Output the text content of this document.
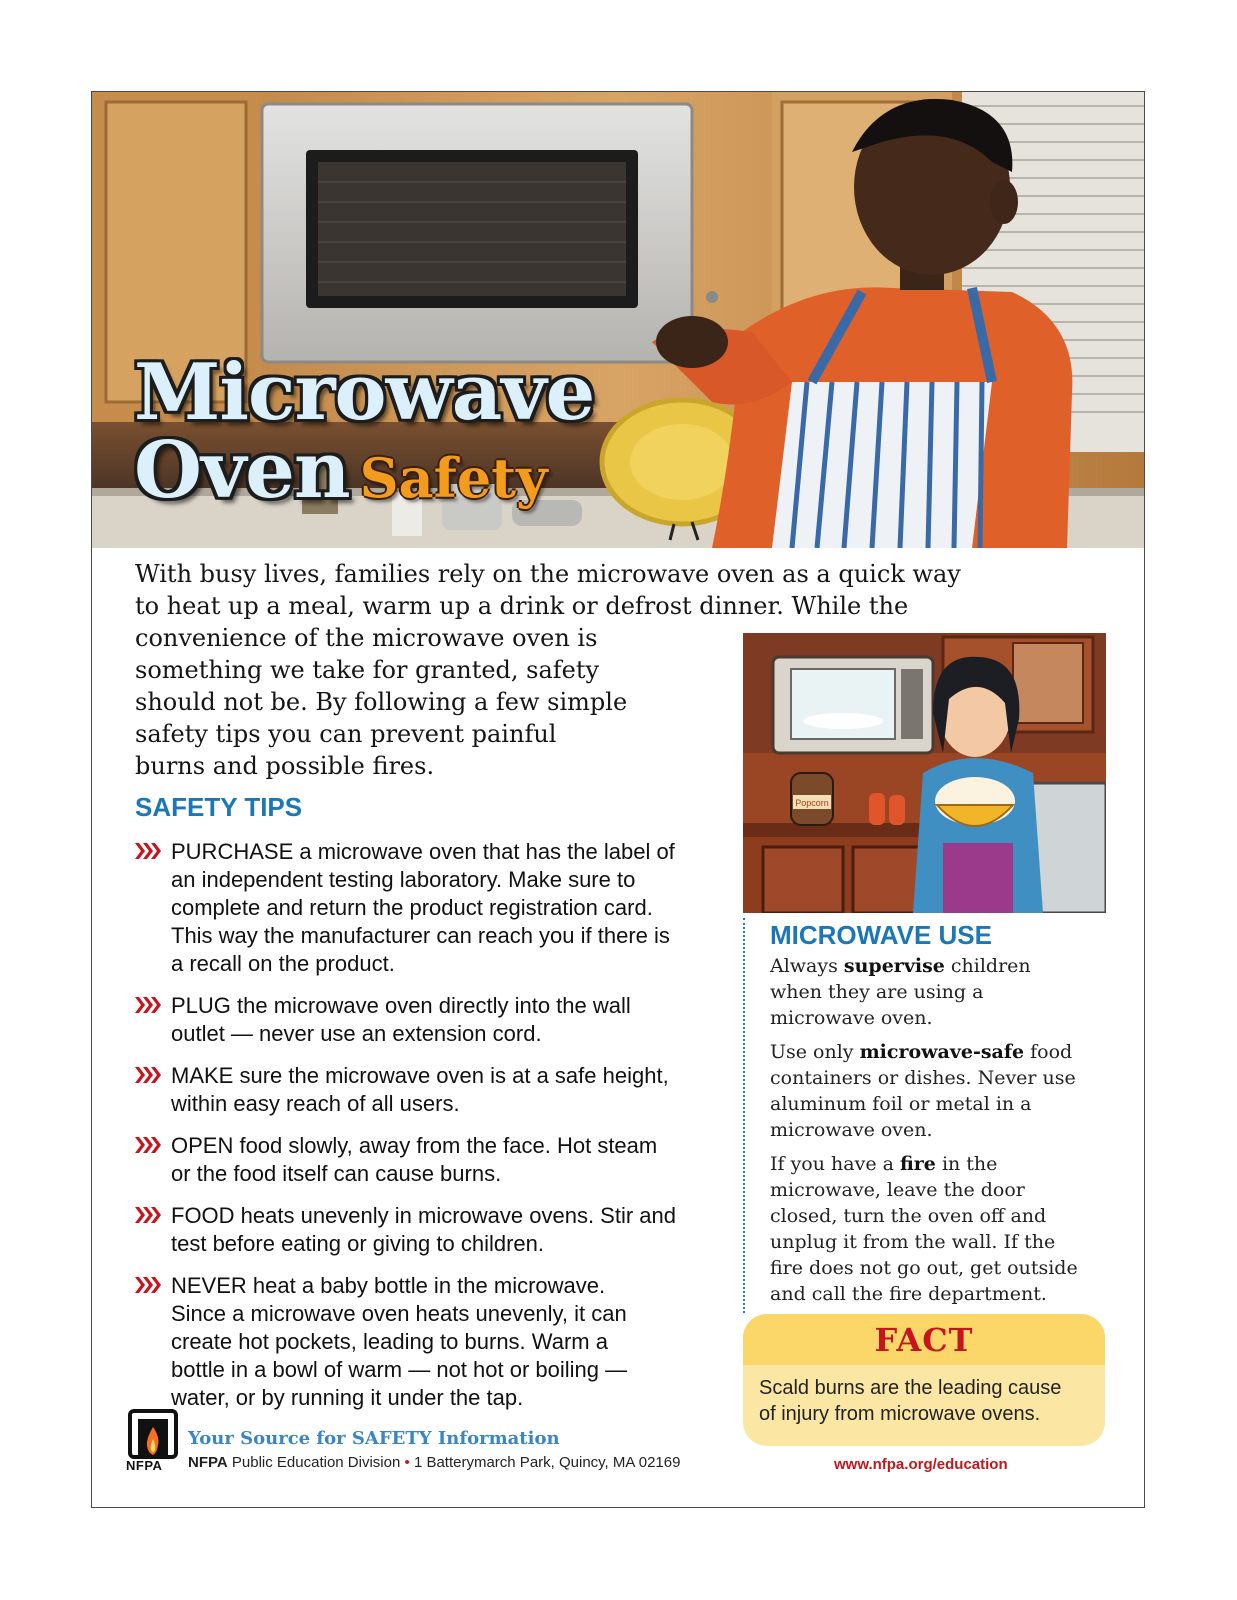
Microwave
Oven Safety
With busy lives, families rely on the microwave oven as a quick way
to heat up a meal, warm up a drink or defrost dinner. While the
convenience of the microwave oven is
something we take for granted, safety
should not be. By following a few simple
safety tips you can prevent painful
burns and possible fires.
SAFETY TIPS
PURCHASE a microwave oven that has the label of
an independent testing laboratory. Make sure to
complete and return the product registration card.
This way the manufacturer can reach you if there is
a recall on the product.
PLUG the microwave oven directly into the wall
outlet — never use an extension cord.
MAKE sure the microwave oven is at a safe height,
within easy reach of all users.
OPEN food slowly, away from the face. Hot steam
or the food itself can cause burns.
FOOD heats unevenly in microwave ovens. Stir and
test before eating or giving to children.
NEVER heat a baby bottle in the microwave.
Since a microwave oven heats unevenly, it can
create hot pockets, leading to burns. Warm a
bottle in a bowl of warm — not hot or boiling —
water, or by running it under the tap.
Popcorn
MICROWAVE USE

Always supervise children
when they are using a
microwave oven.

Use only microwave-safe food
containers or dishes. Never use
aluminum foil or metal in a
microwave oven.

If you have a fire in the
microwave, leave the door
closed, turn the oven off and
unplug it from the wall. If the
fire does not go out, get outside
and call the fire department.

FACT
Scald burns are the leading cause
of injury from microwave ovens.
NFPA
Your Source for SAFETY Information
NFPA Public Education Division • 1 Batterymarch Park, Quincy, MA 02169	www.nfpa.org/education
